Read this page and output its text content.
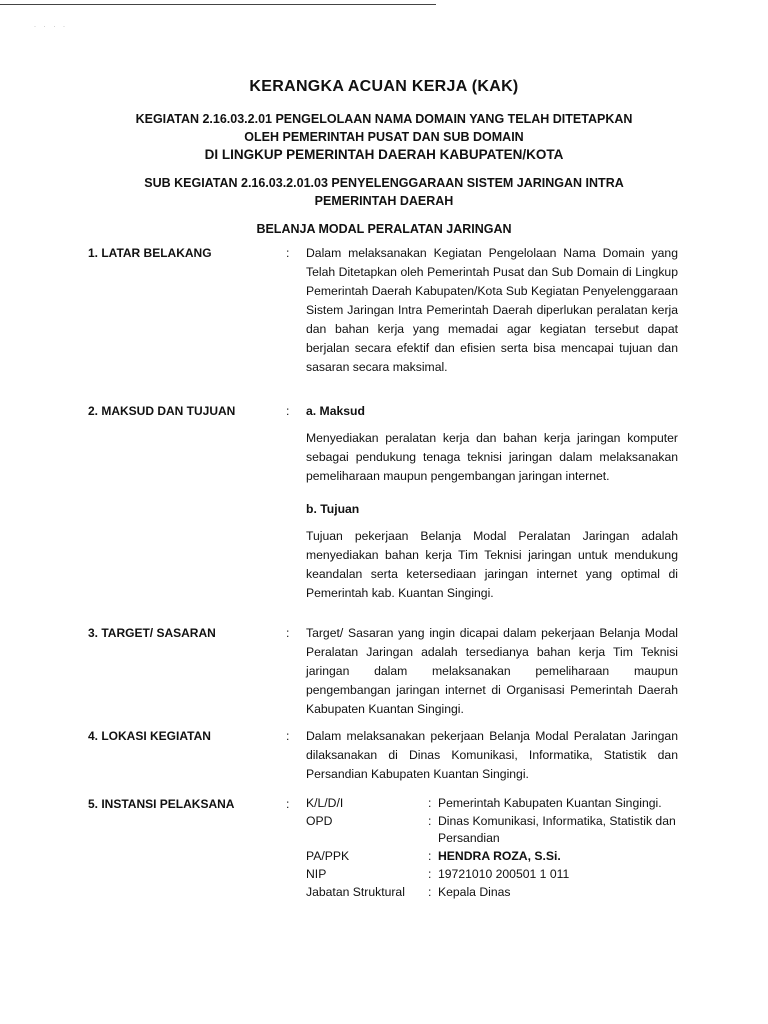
· · · ·
KERANGKA ACUAN KERJA (KAK)
KEGIATAN 2.16.03.2.01 PENGELOLAAN NAMA DOMAIN YANG TELAH DITETAPKAN
OLEH PEMERINTAH PUSAT DAN SUB DOMAIN
DI LINGKUP PEMERINTAH DAERAH KABUPATEN/KOTA
SUB KEGIATAN 2.16.03.2.01.03 PENYELENGGARAAN SISTEM JARINGAN INTRA
PEMERINTAH DAERAH
BELANJA MODAL PERALATAN JARINGAN
1. LATAR BELAKANG	: Dalam melaksanakan Kegiatan Pengelolaan Nama Domain yang Telah Ditetapkan oleh Pemerintah Pusat dan Sub Domain di Lingkup Pemerintah Daerah Kabupaten/Kota Sub Kegiatan Penyelenggaraan Sistem Jaringan Intra Pemerintah Daerah diperlukan peralatan kerja dan bahan kerja yang memadai agar kegiatan tersebut dapat berjalan secara efektif dan efisien serta bisa mencapai tujuan dan sasaran secara maksimal.

2. MAKSUD DAN TUJUAN	: a. Maksud

Menyediakan peralatan kerja dan bahan kerja jaringan komputer sebagai pendukung tenaga teknisi jaringan dalam melaksanakan pemeliharaan maupun pengembangan jaringan internet.

b. Tujuan

Tujuan pekerjaan Belanja Modal Peralatan Jaringan adalah menyediakan bahan kerja Tim Teknisi jaringan untuk mendukung keandalan serta ketersediaan jaringan internet yang optimal di Pemerintah kab. Kuantan Singingi.

3. TARGET/ SASARAN	: Target/ Sasaran yang ingin dicapai dalam pekerjaan Belanja Modal Peralatan Jaringan adalah tersedianya bahan kerja Tim Teknisi jaringan dalam melaksanakan pemeliharaan maupun pengembangan jaringan internet di Organisasi Pemerintah Daerah Kabupaten Kuantan Singingi.

4. LOKASI KEGIATAN	: Dalam melaksanakan pekerjaan Belanja Modal Peralatan Jaringan dilaksanakan di Dinas Komunikasi, Informatika, Statistik dan Persandian Kabupaten Kuantan Singingi.

5. INSTANSI PELAKSANA	: K/L/D/I	:	Pemerintah Kabupaten Kuantan Singingi.
OPD	:	Dinas Komunikasi, Informatika, Statistik dan Persandian
PA/PPK	:	HENDRA ROZA, S.Si.
NIP	:	19721010 200501 1 011
Jabatan Struktural	:	Kepala Dinas
